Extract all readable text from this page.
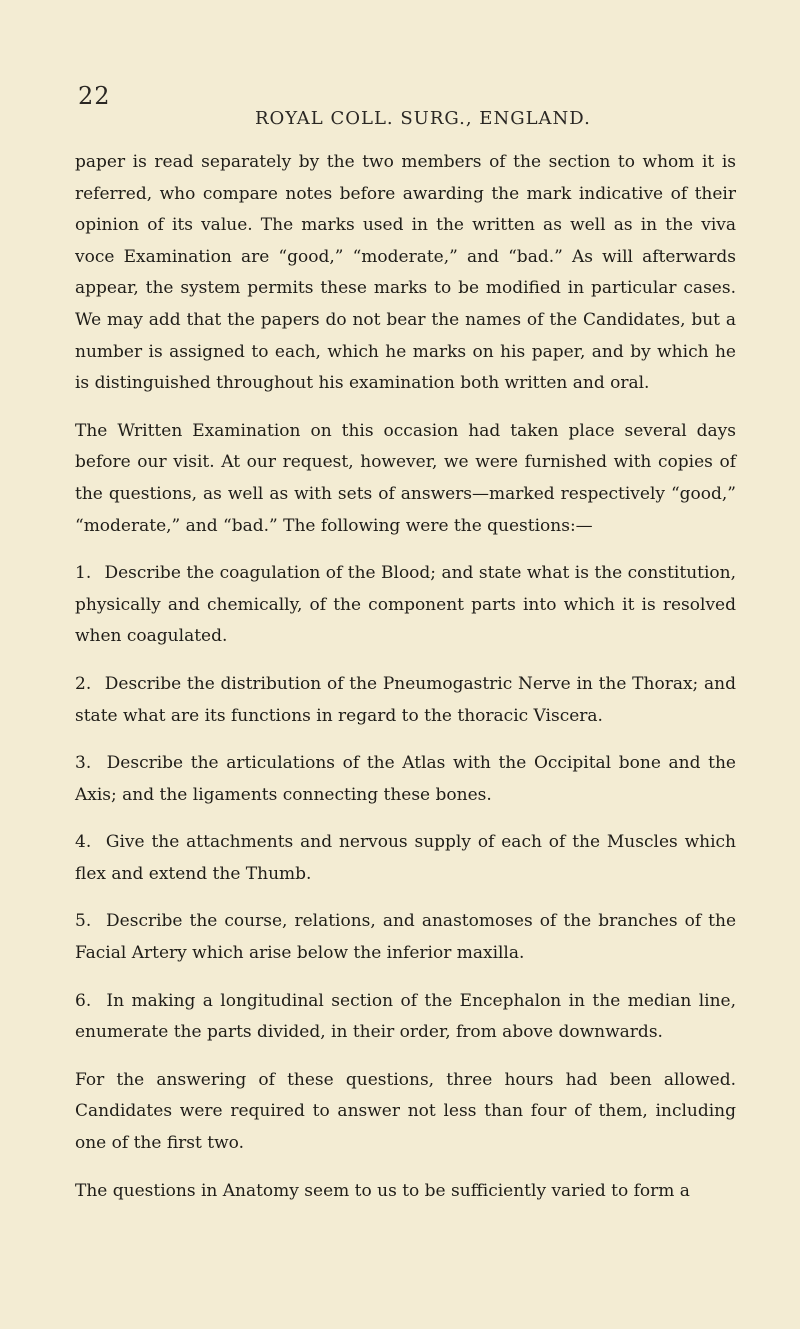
22
ROYAL COLL. SURG., ENGLAND.

paper is read separately by the two members of the section to whom it is referred, who compare notes before awarding the mark indicative of their opinion of its value. The marks used in the written as well as in the viva voce Examination are “good,” “moderate,” and “bad.” As will afterwards appear, the system permits these marks to be modified in particular cases. We may add that the papers do not bear the names of the Candidates, but a number is assigned to each, which he marks on his paper, and by which he is distinguished throughout his examination both written and oral.

The Written Examination on this occasion had taken place several days before our visit. At our request, however, we were furnished with copies of the questions, as well as with sets of answers—marked respectively “good,” “moderate,” and “bad.” The following were the questions:—

1. Describe the coagulation of the Blood; and state what is the constitution, physically and chemically, of the component parts into which it is resolved when coagulated.

2. Describe the distribution of the Pneumogastric Nerve in the Thorax; and state what are its functions in regard to the thoracic Viscera.

3. Describe the articulations of the Atlas with the Occipital bone and the Axis; and the ligaments connecting these bones.

4. Give the attachments and nervous supply of each of the Muscles which flex and extend the Thumb.

5. Describe the course, relations, and anastomoses of the branches of the Facial Artery which arise below the inferior maxilla.

6. In making a longitudinal section of the Encephalon in the median line, enumerate the parts divided, in their order, from above downwards.

For the answering of these questions, three hours had been allowed. Candidates were required to answer not less than four of them, including one of the first two.

The questions in Anatomy seem to us to be sufficiently varied to form a
